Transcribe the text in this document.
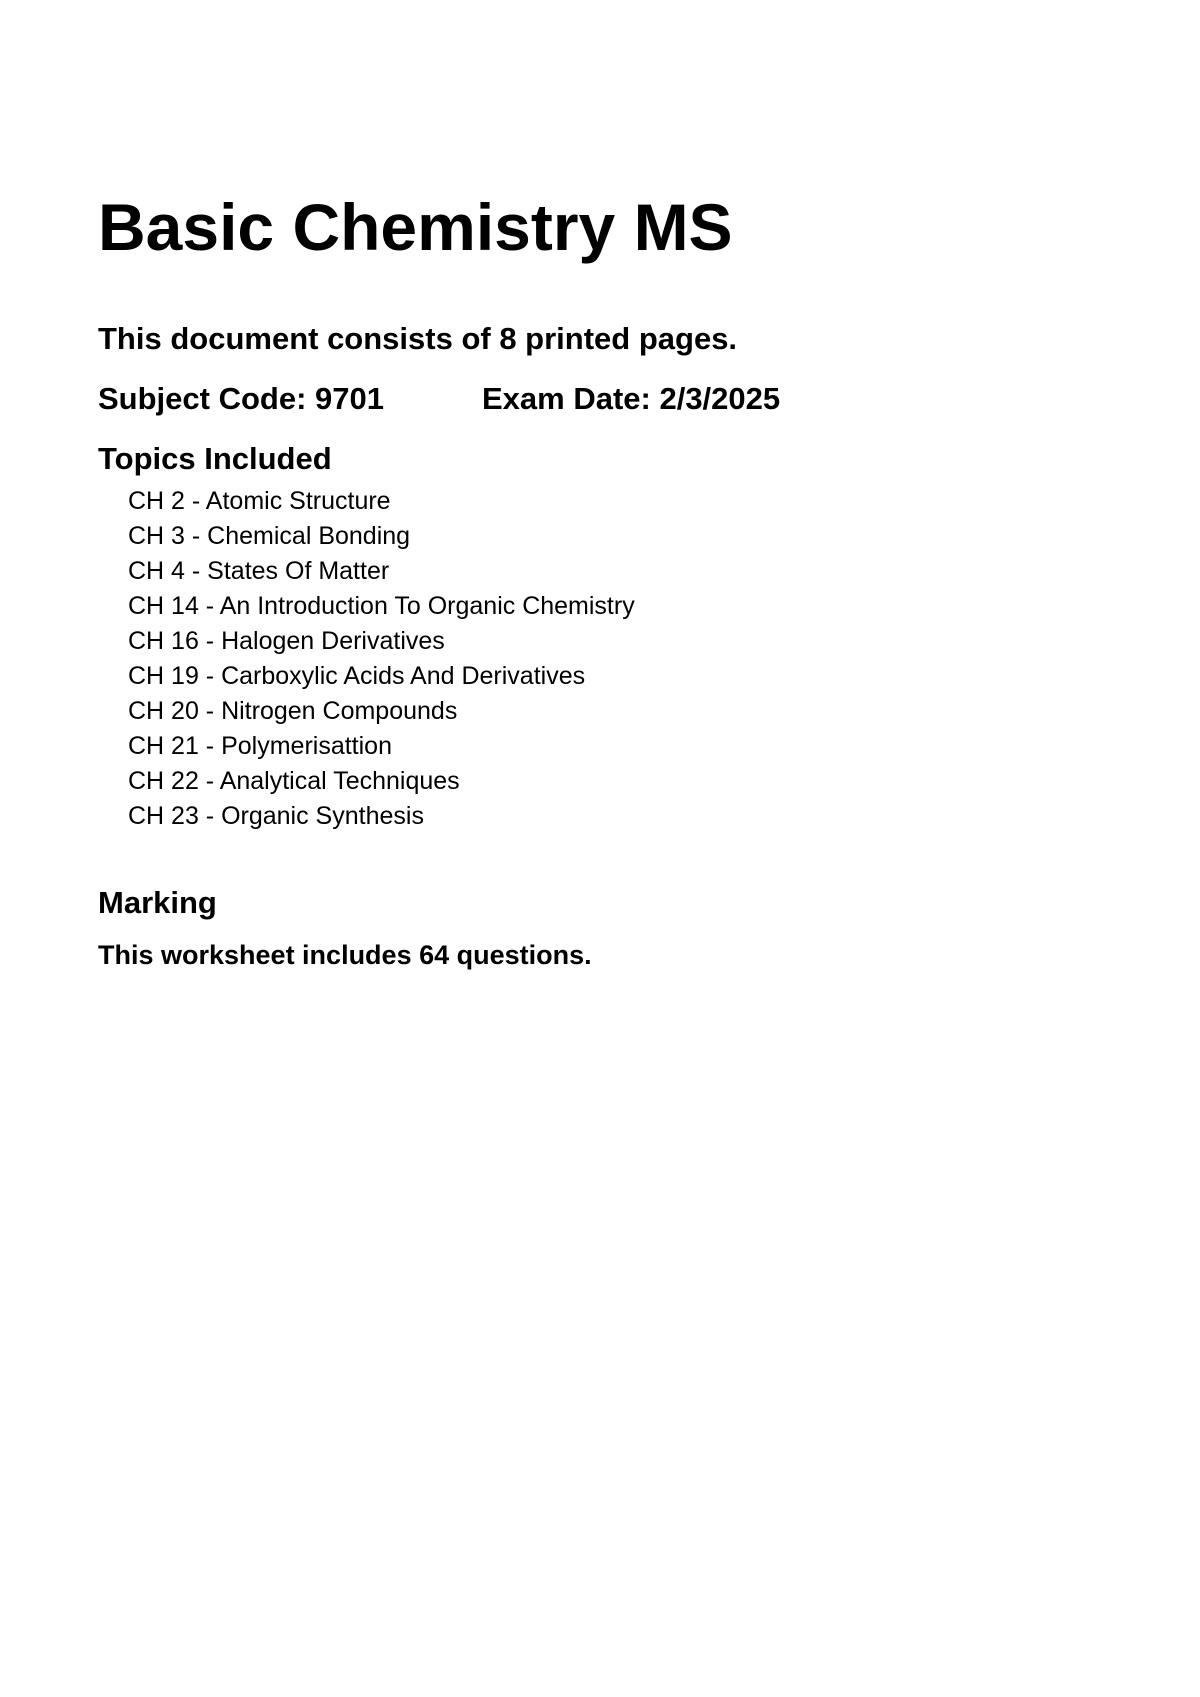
Basic Chemistry MS

This document consists of 8 printed pages.

Subject Code: 9701	Exam Date: 2/3/2025
Topics Included
CH 2 - Atomic Structure
CH 3 - Chemical Bonding
CH 4 - States Of Matter
CH 14 - An Introduction To Organic Chemistry
CH 16 - Halogen Derivatives
CH 19 - Carboxylic Acids And Derivatives
CH 20 - Nitrogen Compounds
CH 21 - Polymerisattion
CH 22 - Analytical Techniques
CH 23 - Organic Synthesis
Marking

This worksheet includes 64 questions.
